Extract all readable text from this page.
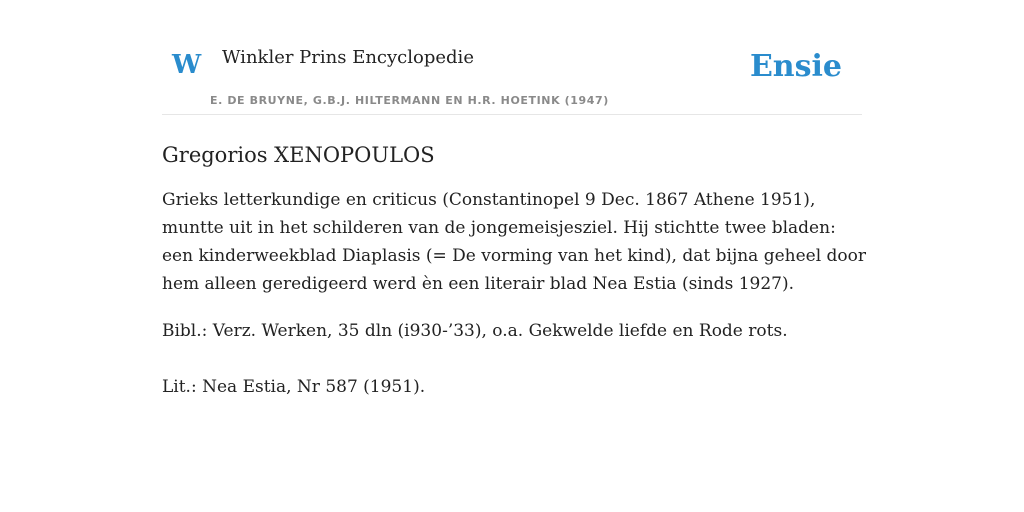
W Winkler Prins Encyclopedie
E. DE BRUYNE, G.B.J. HILTERMANN EN H.R. HOETINK (1947)
Ensie
Gregorios XENOPOULOS

Grieks letterkundige en criticus (Constantinopel 9 Dec. 1867 Athene 1951), muntte uit in het schilderen van de jongemeisjesziel. Hij stichtte twee bladen: een kinderweekblad Diaplasis (= De vorming van het kind), dat bijna geheel door hem alleen geredigeerd werd èn een literair blad Nea Estia (sinds 1927).

Bibl.: Verz. Werken, 35 dln (i930-’33), o.a. Gekwelde liefde en Rode rots.

Lit.: Nea Estia, Nr 587 (1951).
